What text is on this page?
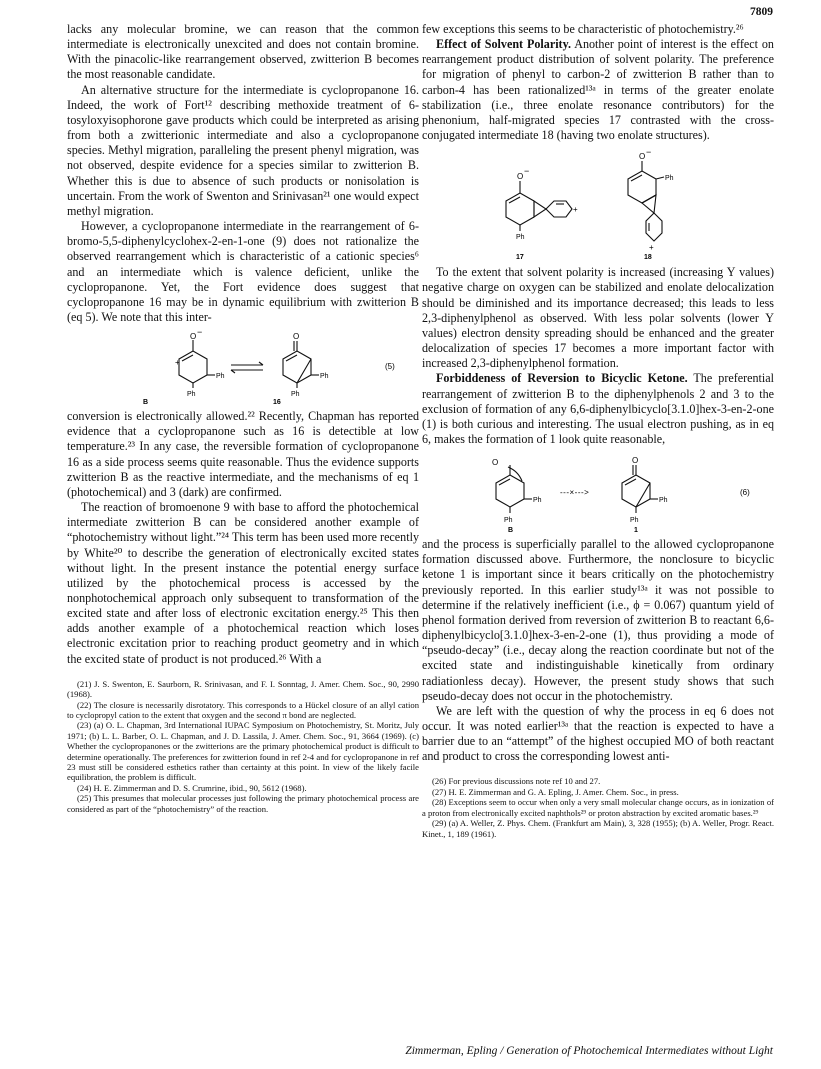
7809

lacks any molecular bromine, we can reason that the common intermediate is electronically unexcited and does not contain bromine. With the pinacolic-like rearrangement observed, zwitterion B becomes the most reasonable candidate.

An alternative structure for the intermediate is cyclopropanone 16. Indeed, the work of Fort¹² describing methoxide treatment of 6-tosyloxyisophorone gave products which could be interpreted as arising from both a zwitterionic intermediate and also a cyclopropanone species. Methyl migration, paralleling the present phenyl migration, was not observed, despite evidence for a species similar to zwitterion B. Whether this is due to absence of such products or nonisolation is uncertain. From the work of Swenton and Srinivasan²¹ one would expect methyl migration.

However, a cyclopropanone intermediate in the rearrangement of 6-bromo-5,5-diphenylcyclohex-2-en-1-one (9) does not rationalize the observed rearrangement which is characteristic of a cationic species⁶ and an intermediate which is valence deficient, unlike the cyclopropanone. Yet, the Fort evidence does suggest that cyclopropanone 16 may be in dynamic equilibrium with zwitterion B (eq 5). We note that this inter-

O −
Ph
Ph
+
O
Ph
Ph
(5)
B	16

conversion is electronically allowed.²² Recently, Chapman has reported evidence that a cyclopropanone such as 16 is detectible at low temperature.²³ In any case, the reversible formation of cyclopropanone 16 as a side process seems quite reasonable. Thus the evidence supports zwitterion B as the reactive intermediate, and the mechanisms of eq 1 (photochemical) and 3 (dark) are confirmed.

The reaction of bromoenone 9 with base to afford the photochemical intermediate zwitterion B can be considered another example of “photochemistry without light.”²⁴ This term has been used more recently by White²⁰ to describe the generation of electronically excited states without light. In the present instance the potential energy surface utilized by the photochemical process is accessed by the nonphotochemical approach only subsequent to transformation of the excited state and after loss of electronic excitation energy.²⁵ This then adds another example of a photochemical reaction which loses electronic excitation prior to reaching product geometry and in which the excited state of product is not produced.²⁶ With a

(21) J. S. Swenton, E. Saurborn, R. Srinivasan, and F. I. Sonntag, J. Amer. Chem. Soc., 90, 2990 (1968).
(22) The closure is necessarily disrotatory. This corresponds to a Hückel closure of an allyl cation to cyclopropyl cation to the extent that oxygen and the second π bond are neglected.
(23) (a) O. L. Chapman, 3rd International IUPAC Symposium on Photochemistry, St. Moritz, July 1971; (b) L. L. Barber, O. L. Chapman, and J. D. Lassila, J. Amer. Chem. Soc., 91, 3664 (1969). (c) Whether the cyclopropanones or the zwitterions are the primary photochemical product is difficult to determine operationally. The preferences for zwitterion found in ref 2-4 and for cyclopropanone in ref 23 must still be considered esthetics rather than certainty at this point. In view of the likely facile equilibration, the problem is difficult.
(24) H. E. Zimmerman and D. S. Crumrine, ibid., 90, 5612 (1968).
(25) This presumes that molecular processes just following the primary photochemical process are considered as part of the “photochemistry” of the reaction.

few exceptions this seems to be characteristic of photochemistry.²⁶

Effect of Solvent Polarity. Another point of interest is the effect on rearrangement product distribution of solvent polarity. The preference for migration of phenyl to carbon-2 of zwitterion B rather than to carbon-4 has been rationalized¹³ᵃ in terms of the greater enolate stabilization (i.e., three enolate resonance contributors) for the phenonium, half-migrated species 17 contrasted with the cross-conjugated intermediate 18 (having two enolate structures).

O
−
+
Ph
O −
Ph
+
17	18

To the extent that solvent polarity is increased (increasing Y values) negative charge on oxygen can be stabilized and enolate delocalization should be diminished and its importance decreased; this leads to less 2,3-diphenylphenol as observed. With less polar solvents (lower Y values) electron density spreading should be enhanced and the greater delocalization of species 17 becomes a more important factor with increased 2,3-diphenylphenol formation.

Forbiddeness of Reversion to Bicyclic Ketone. The preferential rearrangement of zwitterion B to the diphenylphenols 2 and 3 to the exclusion of formation of any 6,6-diphenylbicyclo[3.1.0]hex-3-en-2-one (1) is both curious and interesting. The usual electron pushing, as in eq 6, makes the formation of 1 look quite reasonable,

O
Ph
Ph
---×--->
O
Ph
Ph
(6)
B	1

and the process is superficially parallel to the allowed cyclopropanone formation discussed above. Furthermore, the nonclosure to bicyclic ketone 1 is important since it bears critically on the photochemistry previously reported. In this earlier study¹³ᵃ it was not possible to determine if the relatively inefficient (i.e., ϕ = 0.067) quantum yield of phenol formation derived from reversion of zwitterion B to reactant 6,6-diphenylbicyclo[3.1.0]hex-3-en-2-one (1), thus providing a mode of “pseudo-decay” (i.e., decay along the reaction coordinate but not of the excited state and indistinguishable kinetically from ordinary radiationless decay). However, the present study shows that such pseudo-decay does not occur in the photochemistry.

We are left with the question of why the process in eq 6 does not occur. It was noted earlier¹³ᵃ that the reaction is expected to have a barrier due to an “attempt” of the highest occupied MO of both reactant and product to cross the corresponding lowest anti-

(26) For previous discussions note ref 10 and 27.
(27) H. E. Zimmerman and G. A. Epling, J. Amer. Chem. Soc., in press.
(28) Exceptions seem to occur when only a very small molecular change occurs, as in ionization of a proton from electronically excited naphthols²⁹ or proton abstraction by excited aromatic bases.²⁹
(29) (a) A. Weller, Z. Phys. Chem. (Frankfurt am Main), 3, 328 (1955); (b) A. Weller, Progr. React. Kinet., 1, 189 (1961).
Zimmerman, Epling / Generation of Photochemical Intermediates without Light
